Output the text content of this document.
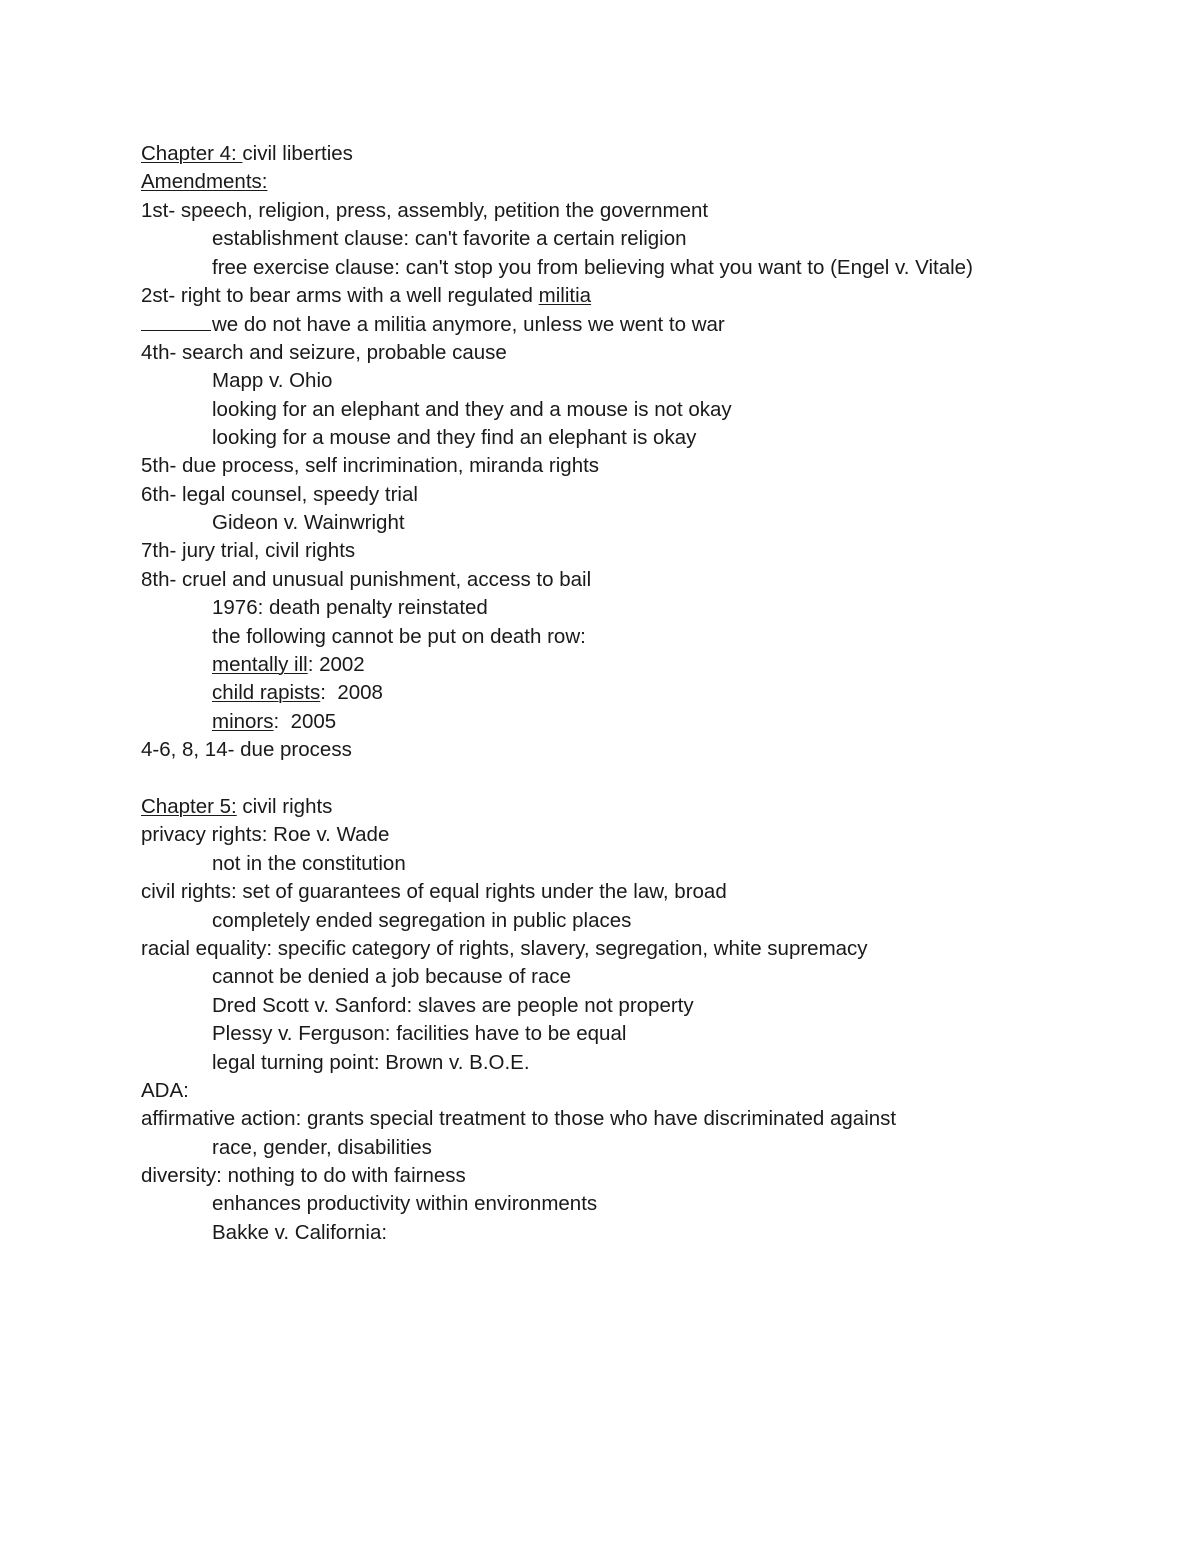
Chapter 4: civil liberties
Amendments:
1st- speech, religion, press, assembly, petition the government
establishment clause: can't favorite a certain religion
free exercise clause: can't stop you from believing what you want to (Engel v. Vitale)
2st- right to bear arms with a well regulated militia
we do not have a militia anymore, unless we went to war
4th- search and seizure, probable cause
Mapp v. Ohio
looking for an elephant and they and a mouse is not okay
looking for a mouse and they find an elephant is okay
5th- due process, self incrimination, miranda rights
6th- legal counsel, speedy trial
Gideon v. Wainwright
7th- jury trial, civil rights
8th- cruel and unusual punishment, access to bail
1976: death penalty reinstated
the following cannot be put on death row:
mentally ill: 2002
child rapists:  2008
minors:  2005
4-6, 8, 14- due process
Chapter 5: civil rights
privacy rights: Roe v. Wade
not in the constitution
civil rights: set of guarantees of equal rights under the law, broad
completely ended segregation in public places
racial equality: specific category of rights, slavery, segregation, white supremacy
cannot be denied a job because of race
Dred Scott v. Sanford: slaves are people not property
Plessy v. Ferguson: facilities have to be equal
legal turning point: Brown v. B.O.E.
ADA:
affirmative action: grants special treatment to those who have discriminated against
race, gender, disabilities
diversity: nothing to do with fairness
enhances productivity within environments
Bakke v. California:
